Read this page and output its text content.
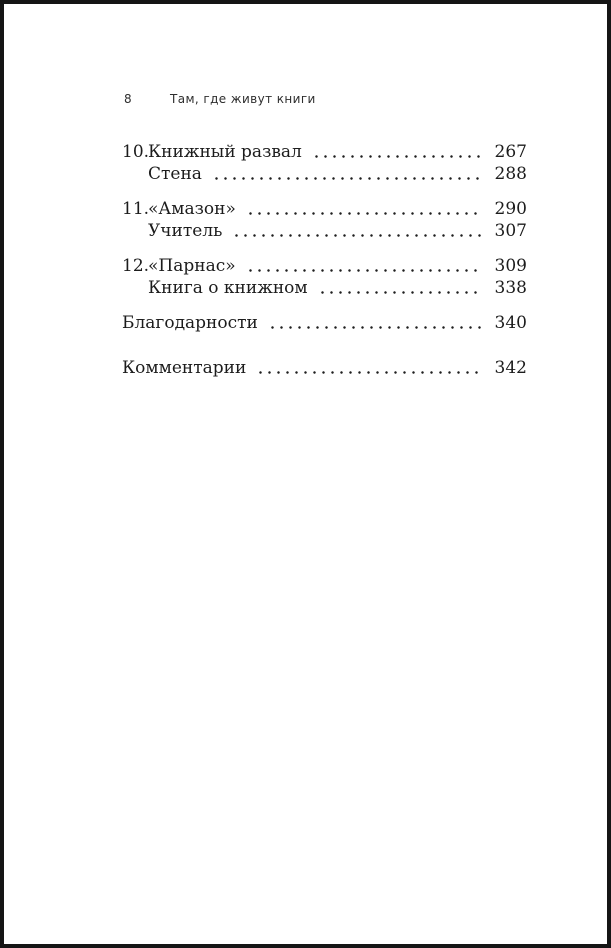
8	Там, где живут книги
10.
Книжный развал	267
Стена	288
11.
«Амазон»	290
Учитель	307
12.
«Парнас»	309
Книга о книжном	338
Благодарности	340
Комментарии	342
